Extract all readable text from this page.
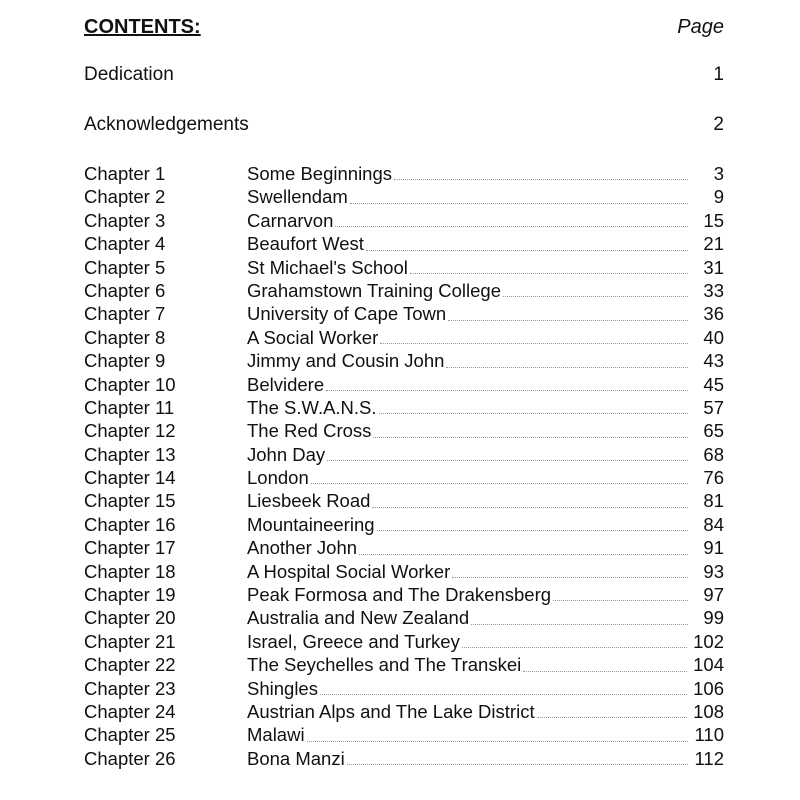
CONTENTS:	Page
Dedication	1
Acknowledgements	2
Chapter 1	Some Beginnings	3
Chapter 2	Swellendam	9
Chapter 3	Carnarvon	15
Chapter 4	Beaufort West	21
Chapter 5	St Michael's School	31
Chapter 6	Grahamstown Training College	33
Chapter 7	University of Cape Town	36
Chapter 8	A Social Worker	40
Chapter 9	Jimmy and Cousin John	43
Chapter 10	Belvidere	45
Chapter 11	The S.W.A.N.S.	57
Chapter 12	The Red Cross	65
Chapter 13	John Day	68
Chapter 14	London	76
Chapter 15	Liesbeek Road	81
Chapter 16	Mountaineering	84
Chapter 17	Another John	91
Chapter 18	A Hospital Social Worker	93
Chapter 19	Peak Formosa and The Drakensberg	97
Chapter 20	Australia and New Zealand	99
Chapter 21	Israel, Greece and Turkey	102
Chapter 22	The Seychelles and The Transkei	104
Chapter 23	Shingles	106
Chapter 24	Austrian Alps and The Lake District	108
Chapter 25	Malawi	110
Chapter 26	Bona Manzi	112
